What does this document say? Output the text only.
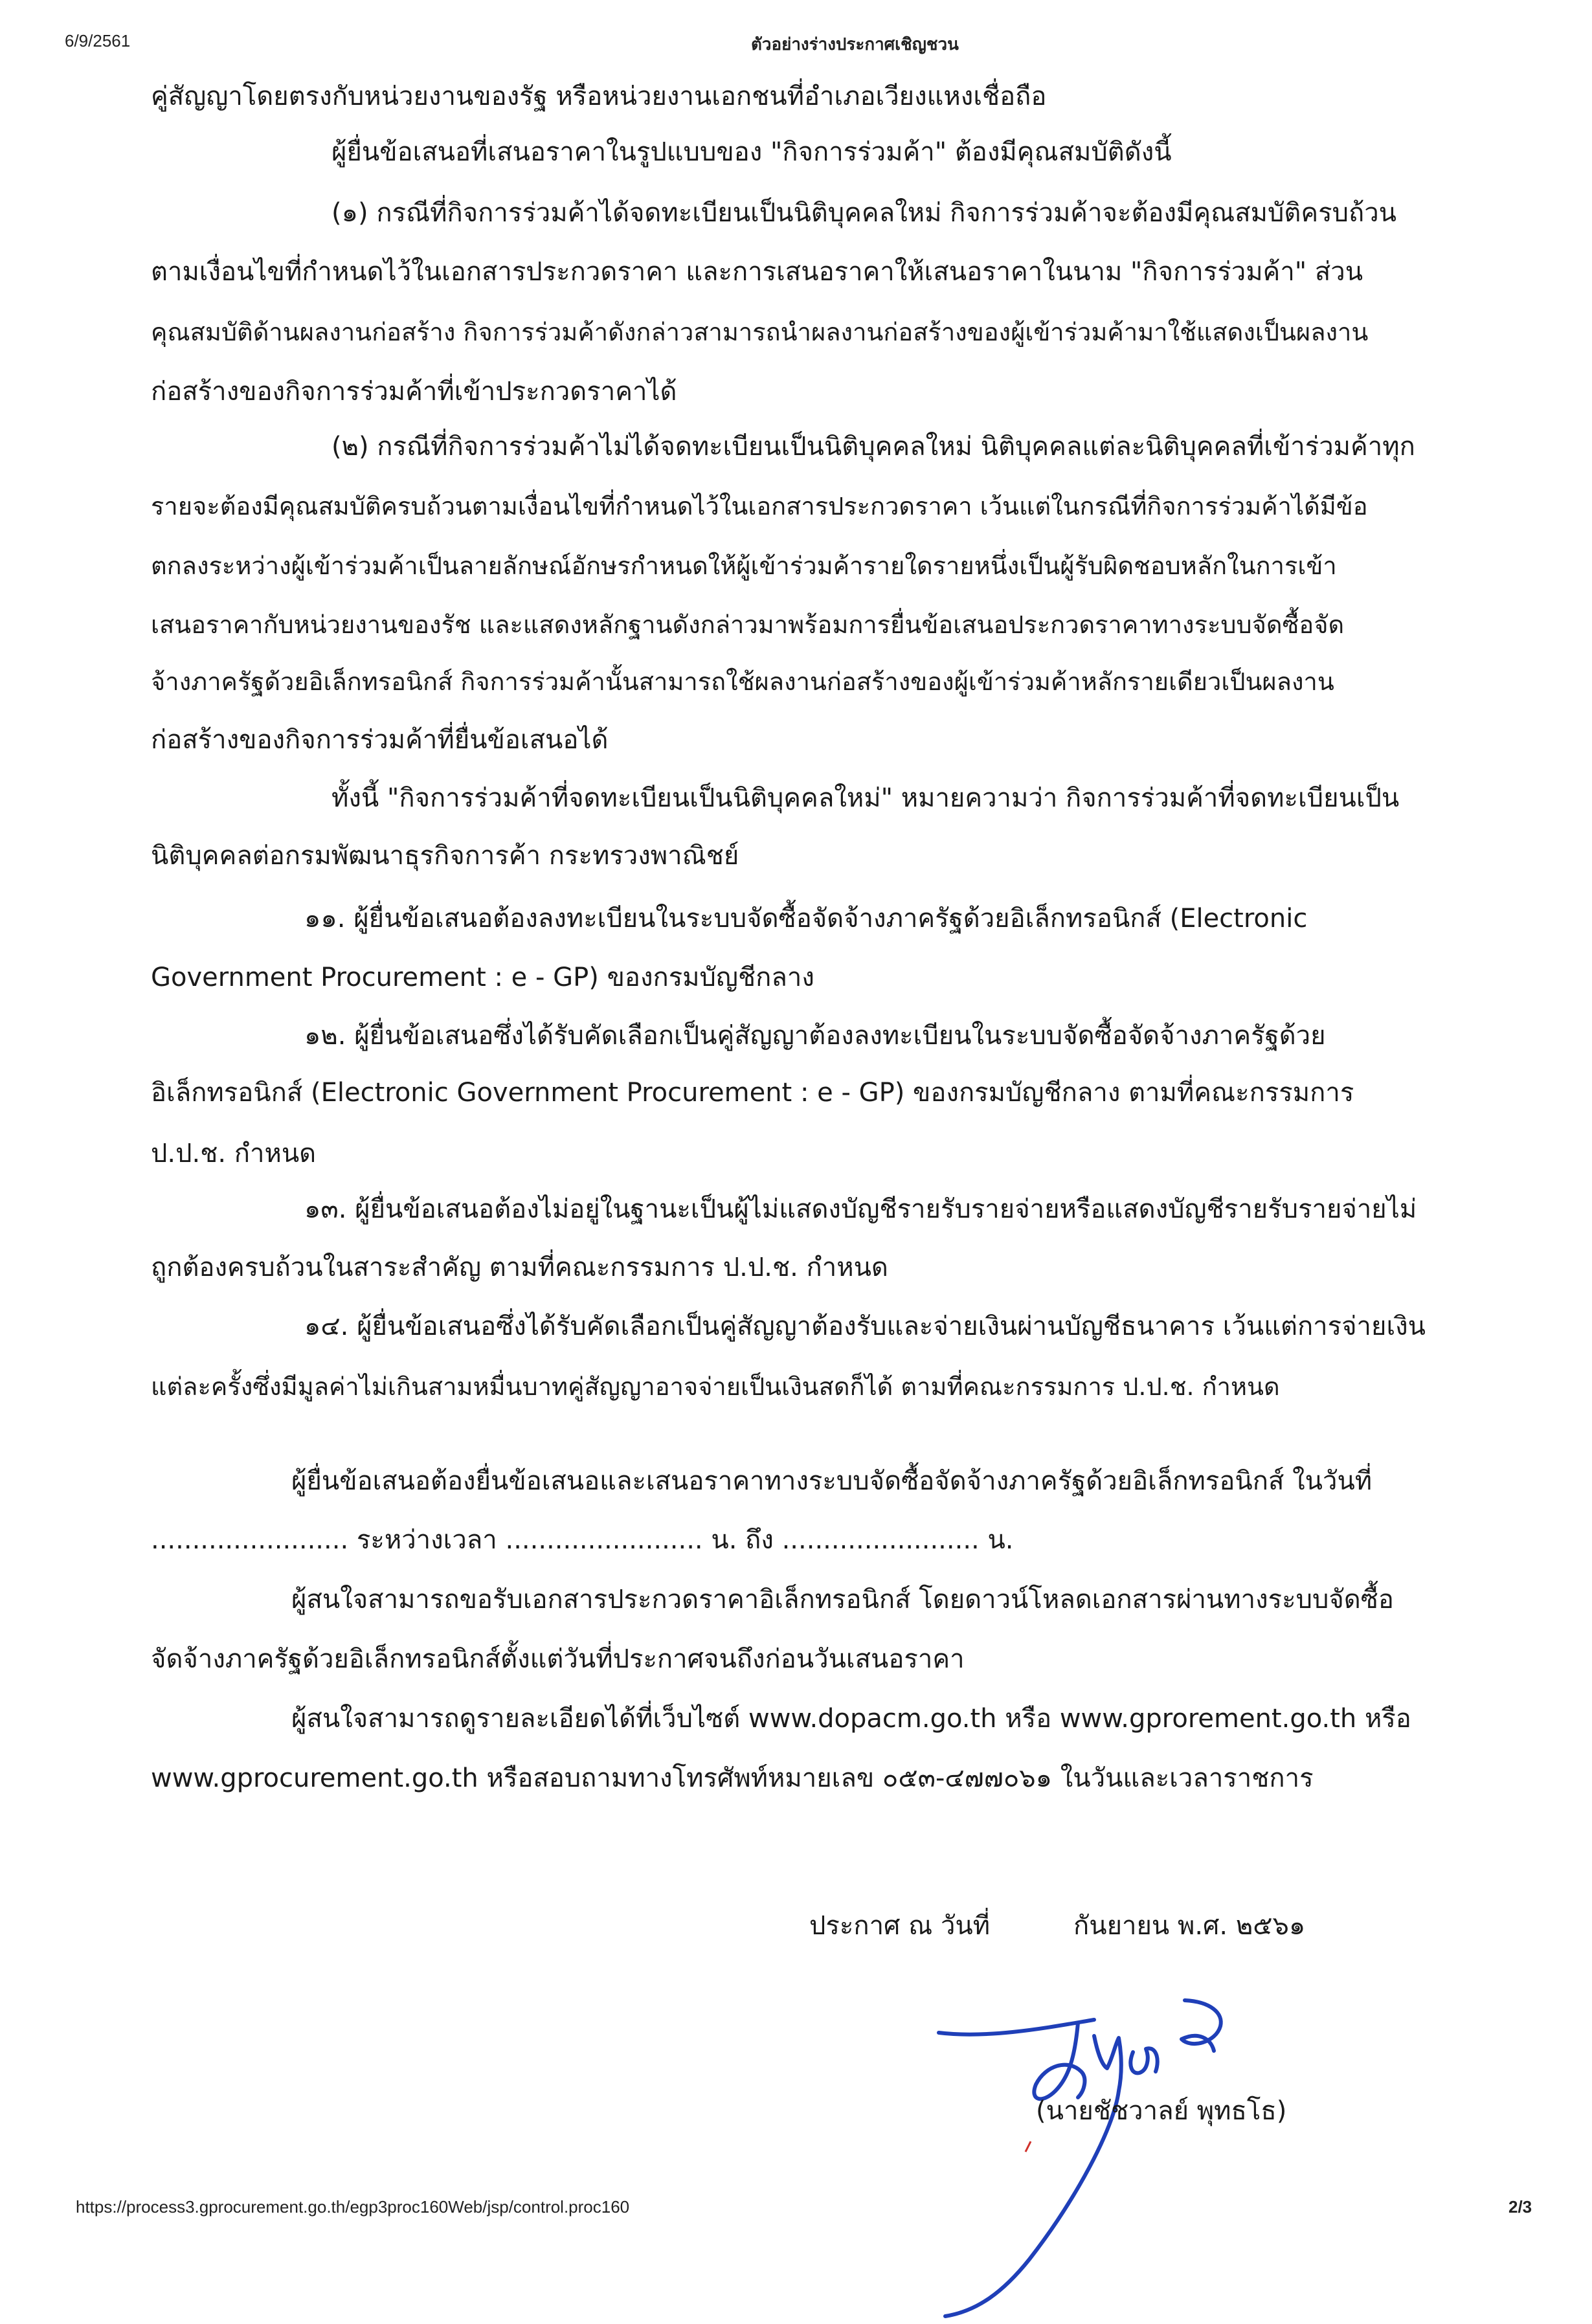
6/9/2561	ตัวอย่างร่างประกาศเชิญชวน
คู่สัญญาโดยตรงกับหน่วยงานของรัฐ หรือหน่วยงานเอกชนที่อำเภอเวียงแหงเชื่อถือ
ผู้ยื่นข้อเสนอที่เสนอราคาในรูปแบบของ "กิจการร่วมค้า" ต้องมีคุณสมบัติดังนี้
(๑) กรณีที่กิจการร่วมค้าได้จดทะเบียนเป็นนิติบุคคลใหม่ กิจการร่วมค้าจะต้องมีคุณสมบัติครบถ้วน
ตามเงื่อนไขที่กำหนดไว้ในเอกสารประกวดราคา และการเสนอราคาให้เสนอราคาในนาม "กิจการร่วมค้า" ส่วน
คุณสมบัติด้านผลงานก่อสร้าง กิจการร่วมค้าดังกล่าวสามารถนำผลงานก่อสร้างของผู้เข้าร่วมค้ามาใช้แสดงเป็นผลงาน
ก่อสร้างของกิจการร่วมค้าที่เข้าประกวดราคาได้
(๒) กรณีที่กิจการร่วมค้าไม่ได้จดทะเบียนเป็นนิติบุคคลใหม่ นิติบุคคลแต่ละนิติบุคคลที่เข้าร่วมค้าทุก
รายจะต้องมีคุณสมบัติครบถ้วนตามเงื่อนไขที่กำหนดไว้ในเอกสารประกวดราคา เว้นแต่ในกรณีที่กิจการร่วมค้าได้มีข้อ
ตกลงระหว่างผู้เข้าร่วมค้าเป็นลายลักษณ์อักษรกำหนดให้ผู้เข้าร่วมค้ารายใดรายหนึ่งเป็นผู้รับผิดชอบหลักในการเข้า
เสนอราคากับหน่วยงานของรัช และแสดงหลักฐานดังกล่าวมาพร้อมการยื่นข้อเสนอประกวดราคาทางระบบจัดซื้อจัด
จ้างภาครัฐด้วยอิเล็กทรอนิกส์ กิจการร่วมค้านั้นสามารถใช้ผลงานก่อสร้างของผู้เข้าร่วมค้าหลักรายเดียวเป็นผลงาน
ก่อสร้างของกิจการร่วมค้าที่ยื่นข้อเสนอได้
ทั้งนี้ "กิจการร่วมค้าที่จดทะเบียนเป็นนิติบุคคลใหม่" หมายความว่า กิจการร่วมค้าที่จดทะเบียนเป็น
นิติบุคคลต่อกรมพัฒนาธุรกิจการค้า กระทรวงพาณิชย์
๑๑. ผู้ยื่นข้อเสนอต้องลงทะเบียนในระบบจัดซื้อจัดจ้างภาครัฐด้วยอิเล็กทรอนิกส์ (Electronic
Government Procurement : e - GP) ของกรมบัญชีกลาง
๑๒. ผู้ยื่นข้อเสนอซึ่งได้รับคัดเลือกเป็นคู่สัญญาต้องลงทะเบียนในระบบจัดซื้อจัดจ้างภาครัฐด้วย
อิเล็กทรอนิกส์ (Electronic Government Procurement : e - GP) ของกรมบัญชีกลาง ตามที่คณะกรรมการ
ป.ป.ช. กำหนด
๑๓. ผู้ยื่นข้อเสนอต้องไม่อยู่ในฐานะเป็นผู้ไม่แสดงบัญชีรายรับรายจ่ายหรือแสดงบัญชีรายรับรายจ่ายไม่
ถูกต้องครบถ้วนในสาระสำคัญ ตามที่คณะกรรมการ ป.ป.ช. กำหนด
๑๔. ผู้ยื่นข้อเสนอซึ่งได้รับคัดเลือกเป็นคู่สัญญาต้องรับและจ่ายเงินผ่านบัญชีธนาคาร เว้นแต่การจ่ายเงิน
แต่ละครั้งซึ่งมีมูลค่าไม่เกินสามหมื่นบาทคู่สัญญาอาจจ่ายเป็นเงินสดก็ได้ ตามที่คณะกรรมการ ป.ป.ช. กำหนด
ผู้ยื่นข้อเสนอต้องยื่นข้อเสนอและเสนอราคาทางระบบจัดซื้อจัดจ้างภาครัฐด้วยอิเล็กทรอนิกส์ ในวันที่
........................ ระหว่างเวลา ........................ น. ถึง ........................ น.
ผู้สนใจสามารถขอรับเอกสารประกวดราคาอิเล็กทรอนิกส์ โดยดาวน์โหลดเอกสารผ่านทางระบบจัดซื้อ
จัดจ้างภาครัฐด้วยอิเล็กทรอนิกส์ตั้งแต่วันที่ประกาศจนถึงก่อนวันเสนอราคา
ผู้สนใจสามารถดูรายละเอียดได้ที่เว็บไซต์ www.dopacm.go.th หรือ www.gprorement.go.th หรือ
www.gprocurement.go.th หรือสอบถามทางโทรศัพท์หมายเลข ๐๕๓-๔๗๗๐๖๑ ในวันและเวลาราชการ
ประกาศ ณ วันที่	กันยายน พ.ศ. ๒๕๖๑
(นายชัชวาลย์ พุทธโธ)
https://process3.gprocurement.go.th/egp3proc160Web/jsp/control.proc160	2/3
